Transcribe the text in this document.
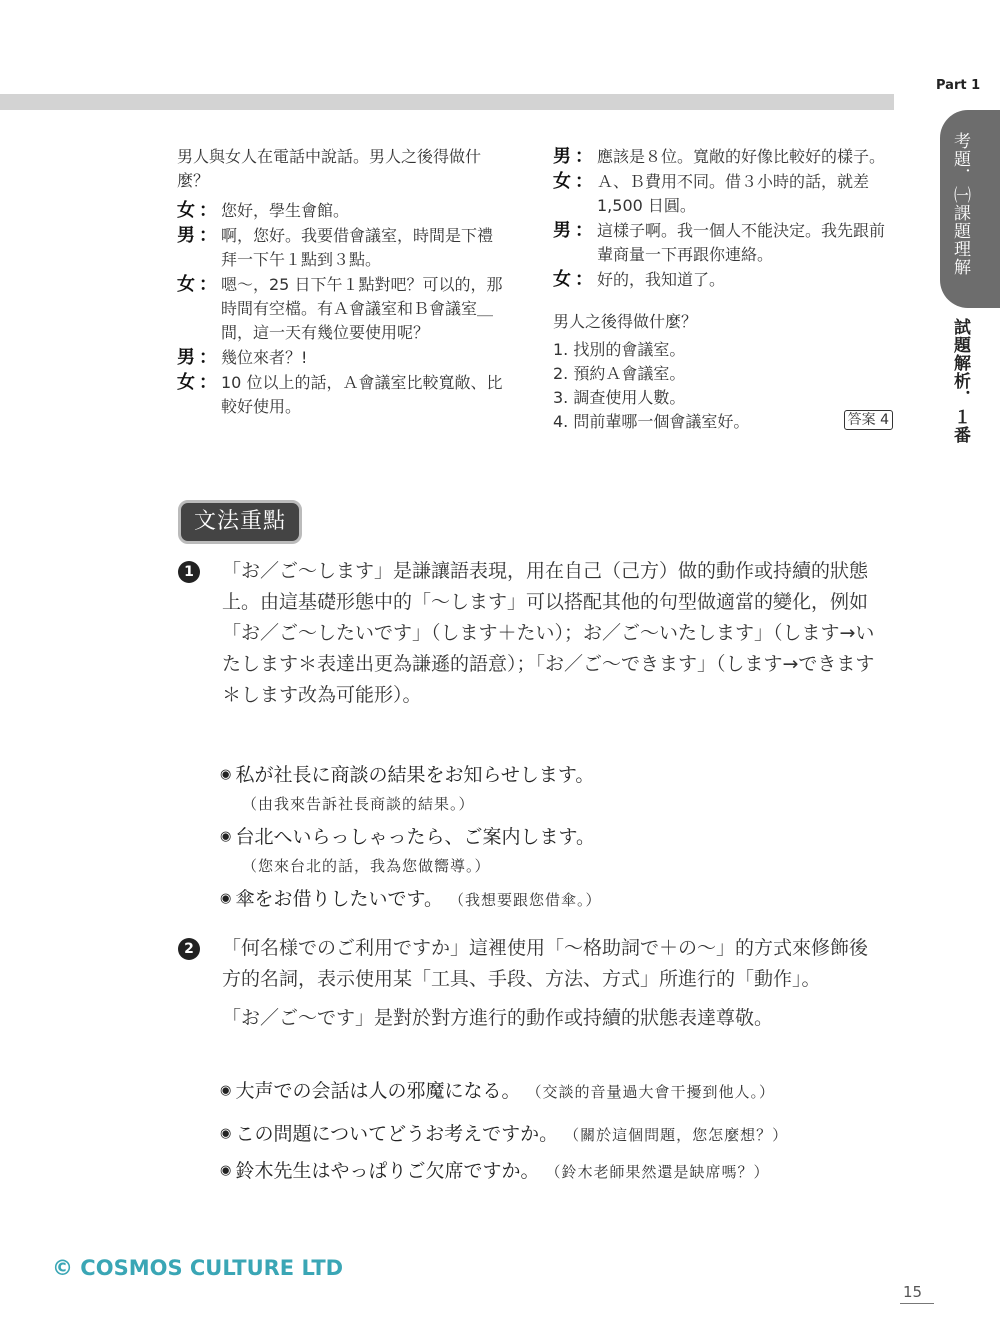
Part 1
考題．㈠課題理解
試題解析．１番
男人與女人在電話中說話。男人之後得做什麼？
女 ： 您好，學生會館。
男 ： 啊，您好。我要借會議室，時間是下禮拜一下午１點到３點。
女 ： 嗯～，25 日下午１點對吧？可以的，那時間有空檔。有Ａ會議室和Ｂ會議室＿間，這一天有幾位要使用呢？
男 ： 幾位來者？!
女 ： 10 位以上的話，Ａ會議室比較寬敞、比較好使用。
男 ： 應該是８位。寬敞的好像比較好的樣子。
女 ： Ａ、Ｂ費用不同。借３小時的話，就差 1,500 日圓。
男 ： 這樣子啊。我一個人不能決定。我先跟前輩商量一下再跟你連絡。
女 ： 好的，我知道了。
男人之後得做什麼？
1. 找別的會議室。
2. 預約Ａ會議室。
3. 調查使用人數。
4. 問前輩哪一個會議室好。	答案 4
文法重點
1	「お／ご～します」是謙讓語表現，用在自己（己方）做的動作或持續的狀態上。由這基礎形態中的「～します」可以搭配其他的句型做適當的變化，例如「お／ご～したいです」（します＋たい）；お／ご～いたします」（します→いたします＊表達出更為謙遜的語意）；「お／ご～できます」（します→できます＊します改為可能形）。

◉ 私が社長に商談の結果をお知らせします。
（由我來告訴社長商談的結果。）
◉ 台北へいらっしゃったら、ご案内します。
（您來台北的話，我為您做嚮導。）
◉ 傘をお借りしたいです。 （我想要跟您借傘。）
2	「何名様でのご利用ですか」這裡使用「～格助詞で＋の～」的方式來修飾後方的名詞，表示使用某「工具、手段、方法、方式」所進行的「動作」。

「お／ご～です」是對於對方進行的動作或持續的狀態表達尊敬。

◉ 大声での会話は人の邪魔になる。 （交談的音量過大會干擾到他人。）
◉ この問題についてどうお考えですか。 （關於這個問題，您怎麼想？）
◉ 鈴木先生はやっぱりご欠席ですか。 （鈴木老師果然還是缺席嗎？）
© COSMOS CULTURE LTD
15
